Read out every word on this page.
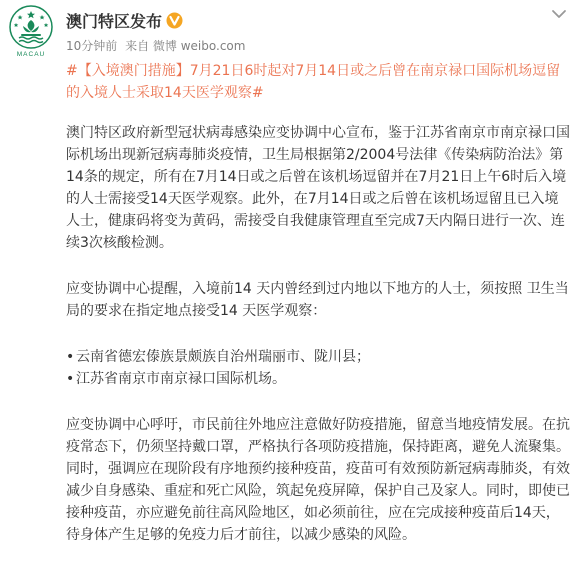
MACAU
澳门特区发布
10分钟前 来自 微博 weibo.com

#【入境澳门措施】7月21日6时起对7月14日或之后曾在南京禄口国际机场逗留的入境人士采取14天医学观察#

澳门特区政府新型冠状病毒感染应变协调中心宣布，鉴于江苏省南京市南京禄口国际机场出现新冠病毒肺炎疫情，卫生局根据第2/2004号法律《传染病防治法》第14条的规定，所有在7月14日或之后曾在该机场逗留并在7月21日上午6时后入境的人士需接受14天医学观察。此外，在7月14日或之后曾在该机场逗留且已入境人士，健康码将变为黄码，需接受自我健康管理直至完成7天内隔日进行一次、连续3次核酸检测。

应变协调中心提醒，入境前14 天内曾经到过内地以下地方的人士，须按照 卫生当局的要求在指定地点接受14 天医学观察：

• 云南省德宏傣族景颇族自治州瑞丽市、陇川县；
• 江苏省南京市南京禄口国际机场。

应变协调中心呼吁，市民前往外地应注意做好防疫措施，留意当地疫情发展。在抗疫常态下，仍须坚持戴口罩，严格执行各项防疫措施，保持距离，避免人流聚集。同时，强调应在现阶段有序地预约接种疫苗，疫苗可有效预防新冠病毒肺炎，有效减少自身感染、重症和死亡风险，筑起免疫屏障，保护自己及家人。同时，即使已接种疫苗，亦应避免前往高风险地区，如必须前往，应在完成接种疫苗后14天，待身体产生足够的免疫力后才前往，以减少感染的风险。
